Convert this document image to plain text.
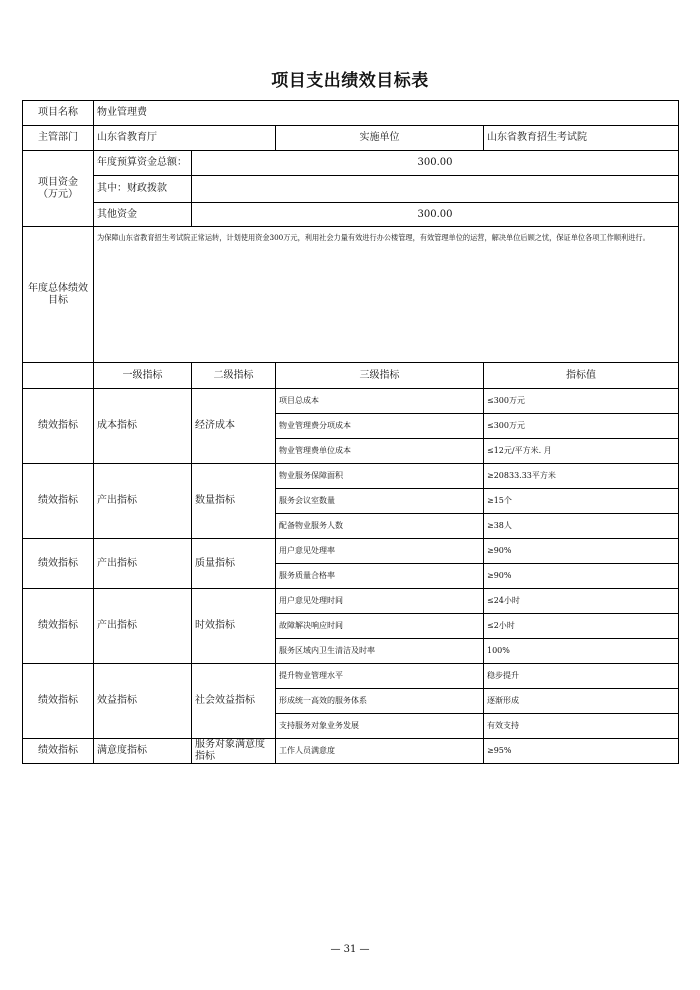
项目支出绩效目标表
项目名称	物业管理费			
主管部门	山东省教育厅		实施单位	山东省教育招生考试院
项目资金
（万元）	年度预算资金总额：	300.00		
	其中：财政拨款			
	其他资金	300.00		
年度总体绩效目标	为保障山东省教育招生考试院正常运转，计划使用资金300万元，利用社会力量有效进行办公楼管理，有效管理单位的运营，解决单位后顾之忧，保证单位各项工作顺利进行。			
	一级指标	二级指标	三级指标	指标值
绩效指标	成本指标	经济成本	项目总成本	≤300万元
			物业管理费分项成本	≤300万元
			物业管理费单位成本	≤12元/平方米. 月
绩效指标	产出指标	数量指标	物业服务保障面积	≥20833.33平方米
			服务会议室数量	≥15个
			配备物业服务人数	≥38人
绩效指标	产出指标	质量指标	用户意见处理率	≥90%
			服务质量合格率	≥90%
绩效指标	产出指标	时效指标	用户意见处理时间	≤24小时
			故障解决响应时间	≤2小时
			服务区域内卫生清洁及时率	100%
绩效指标	效益指标	社会效益指标	提升物业管理水平	稳步提升
			形成统一高效的服务体系	逐渐形成
			支持服务对象业务发展	有效支持
绩效指标	满意度指标	服务对象满意度指标	工作人员满意度	≥95%
— 31 —
